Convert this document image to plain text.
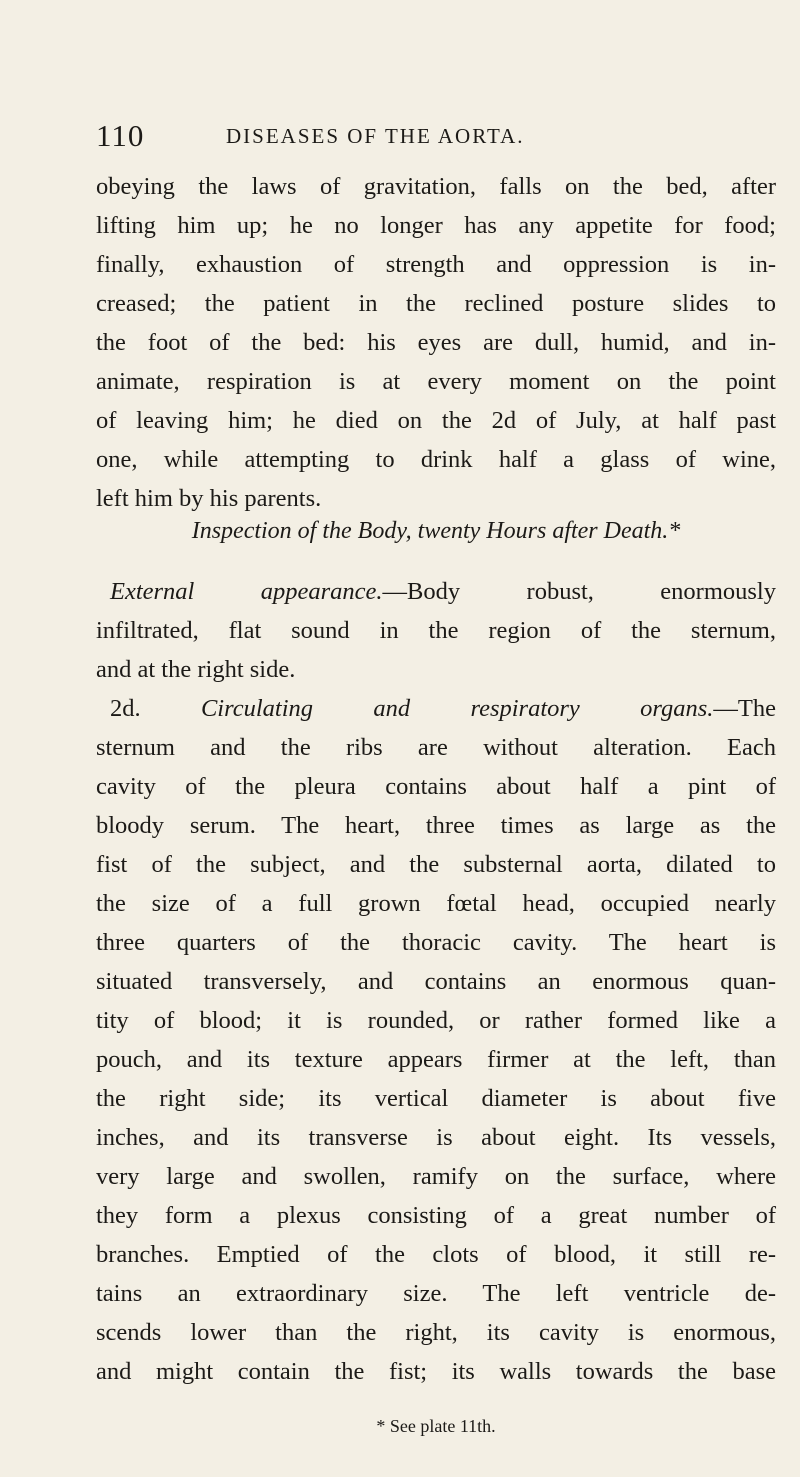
110	DISEASES OF THE AORTA.
obeying the laws of gravitation, falls on the bed, after
lifting him up; he no longer has any appetite for food;
finally, exhaustion of strength and oppression is in-
creased; the patient in the reclined posture slides to
the foot of the bed: his eyes are dull, humid, and in-
animate, respiration is at every moment on the point
of leaving him; he died on the 2d of July, at half past
one, while attempting to drink half a glass of wine,
left him by his parents.
Inspection of the Body, twenty Hours after Death.*
External appearance.—Body robust, enormously
infiltrated, flat sound in the region of the sternum,
and at the right side.
2d. Circulating and respiratory organs.—The
sternum and the ribs are without alteration. Each
cavity of the pleura contains about half a pint of
bloody serum. The heart, three times as large as the
fist of the subject, and the substernal aorta, dilated to
the size of a full grown fœtal head, occupied nearly
three quarters of the thoracic cavity. The heart is
situated transversely, and contains an enormous quan-
tity of blood; it is rounded, or rather formed like a
pouch, and its texture appears firmer at the left, than
the right side; its vertical diameter is about five
inches, and its transverse is about eight. Its vessels,
very large and swollen, ramify on the surface, where
they form a plexus consisting of a great number of
branches. Emptied of the clots of blood, it still re-
tains an extraordinary size. The left ventricle de-
scends lower than the right, its cavity is enormous,
and might contain the fist; its walls towards the base
* See plate 11th.
